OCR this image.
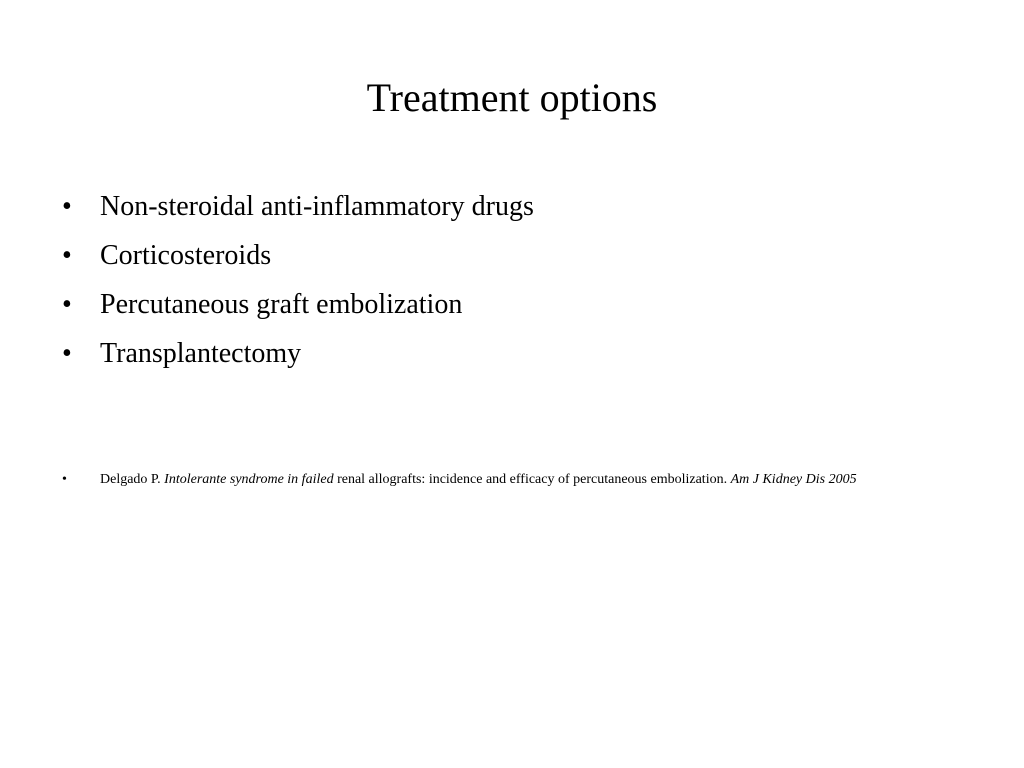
Treatment options
• Non-steroidal anti-inflammatory drugs
• Corticosteroids
• Percutaneous graft embolization
• Transplantectomy
• Delgado P. Intolerante syndrome in failed renal allografts: incidence and efficacy of percutaneous embolization. Am J Kidney Dis 2005
